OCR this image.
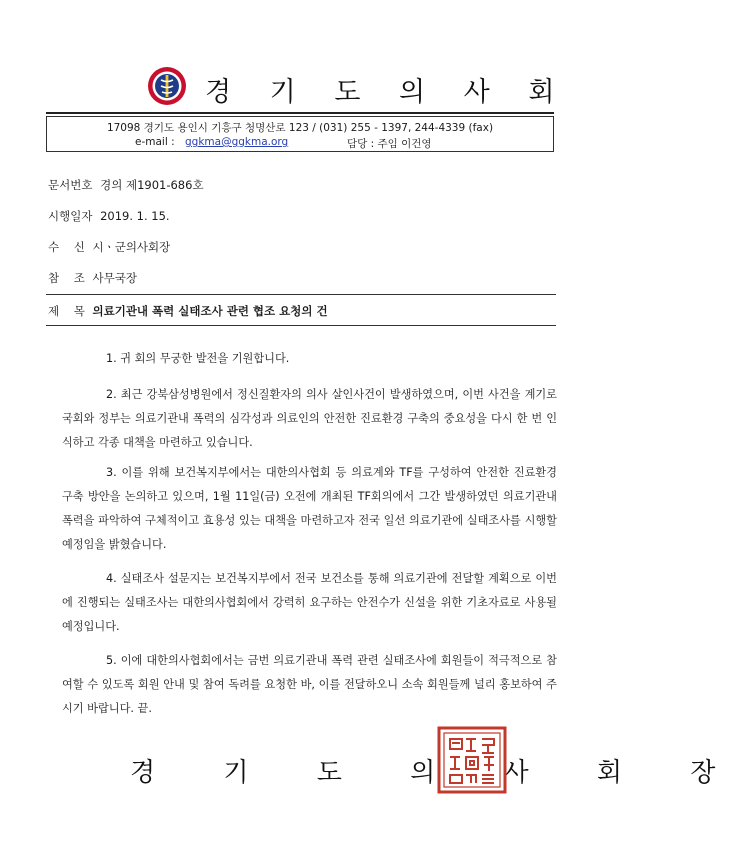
경 기 도 의 사 회
17098 경기도 용인시 기흥구 청명산로 123 / (031) 255 - 1397, 244-4339 (fax)
e-mail : ggkma@ggkma.org	담당 : 주임 이건영
문서번호 경의 제1901-686호
시행일자 2019. 1. 15.
수    신 시ㆍ군의사회장
참    조 사무국장
제    목 의료기관내 폭력 실태조사 관련 협조 요청의 건
1. 귀 회의 무궁한 발전을 기원합니다.
2. 최근 강북삼성병원에서 정신질환자의 의사 살인사건이 발생하였으며, 이번 사건을 계기로 국회와 정부는 의료기관내 폭력의 심각성과 의료인의 안전한 진료환경 구축의 중요성을 다시 한 번 인식하고 각종 대책을 마련하고 있습니다.
3. 이를 위해 보건복지부에서는 대한의사협회 등 의료계와 TF를 구성하여 안전한 진료환경 구축 방안을 논의하고 있으며, 1월 11일(금) 오전에 개최된 TF회의에서 그간 발생하였던 의료기관내 폭력을 파악하여 구체적이고 효용성 있는 대책을 마련하고자 전국 일선 의료기관에 실태조사를 시행할 예정임을 밝혔습니다.
4. 실태조사 설문지는 보건복지부에서 전국 보건소를 통해 의료기관에 전달할 계획으로 이번에 진행되는 실태조사는 대한의사협회에서 강력히 요구하는 안전수가 신설을 위한 기초자료로 사용될 예정입니다.
5. 이에 대한의사협회에서는 금번 의료기관내 폭력 관련 실태조사에 회원들이 적극적으로 참여할 수 있도록 회원 안내 및 참여 독려를 요청한 바, 이를 전달하오니 소속 회원들께 널리 홍보하여 주시기 바랍니다. 끝.
경 기 도 의 사 회 장
